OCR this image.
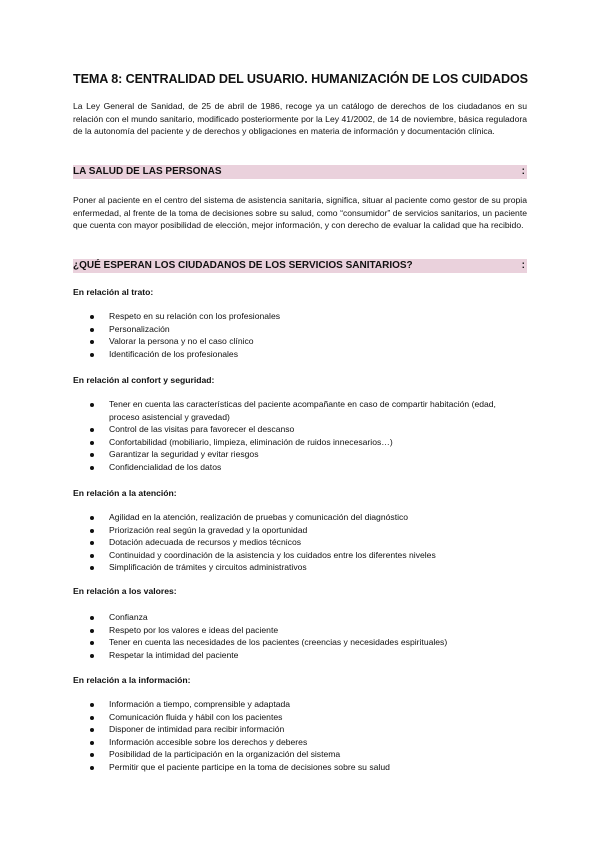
TEMA 8: CENTRALIDAD DEL USUARIO. HUMANIZACIÓN DE LOS CUIDADOS

La Ley General de Sanidad, de 25 de abril de 1986, recoge ya un catálogo de derechos de los ciudadanos en su relación con el mundo sanitario, modificado posteriormente por la Ley 41/2002, de 14 de noviembre, básica reguladora de la autonomía del paciente y de derechos y obligaciones en materia de información y documentación clínica.

LA SALUD DE LAS PERSONAS	:

Poner al paciente en el centro del sistema de asistencia sanitaria, significa, situar al paciente como gestor de su propia enfermedad, al frente de la toma de decisiones sobre su salud, como “consumidor” de servicios sanitarios, un paciente que cuenta con mayor posibilidad de elección, mejor información, y con derecho de evaluar la calidad que ha recibido.

¿QUÉ ESPERAN LOS CIUDADANOS DE LOS SERVICIOS SANITARIOS?	:
En relación al trato:
Respeto en su relación con los profesionales
Personalización
Valorar la persona y no el caso clínico
Identificación de los profesionales
En relación al confort y seguridad:
Tener en cuenta las características del paciente acompañante en caso de compartir habitación (edad, proceso asistencial y gravedad)
Control de las visitas para favorecer el descanso
Confortabilidad (mobiliario, limpieza, eliminación de ruidos innecesarios…)
Garantizar la seguridad y evitar riesgos
Confidencialidad de los datos
En relación a la atención:
Agilidad en la atención, realización de pruebas y comunicación del diagnóstico
Priorización real según la gravedad y la oportunidad
Dotación adecuada de recursos y medios técnicos
Continuidad y coordinación de la asistencia y los cuidados entre los diferentes niveles
Simplificación de trámites y circuitos administrativos
En relación a los valores:
Confianza
Respeto por los valores e ideas del paciente
Tener en cuenta las necesidades de los pacientes (creencias y necesidades espirituales)
Respetar la intimidad del paciente
En relación a la información:
Información a tiempo, comprensible y adaptada
Comunicación fluida y hábil con los pacientes
Disponer de intimidad para recibir información
Información accesible sobre los derechos y deberes
Posibilidad de la participación en la organización del sistema
Permitir que el paciente participe en la toma de decisiones sobre su salud
